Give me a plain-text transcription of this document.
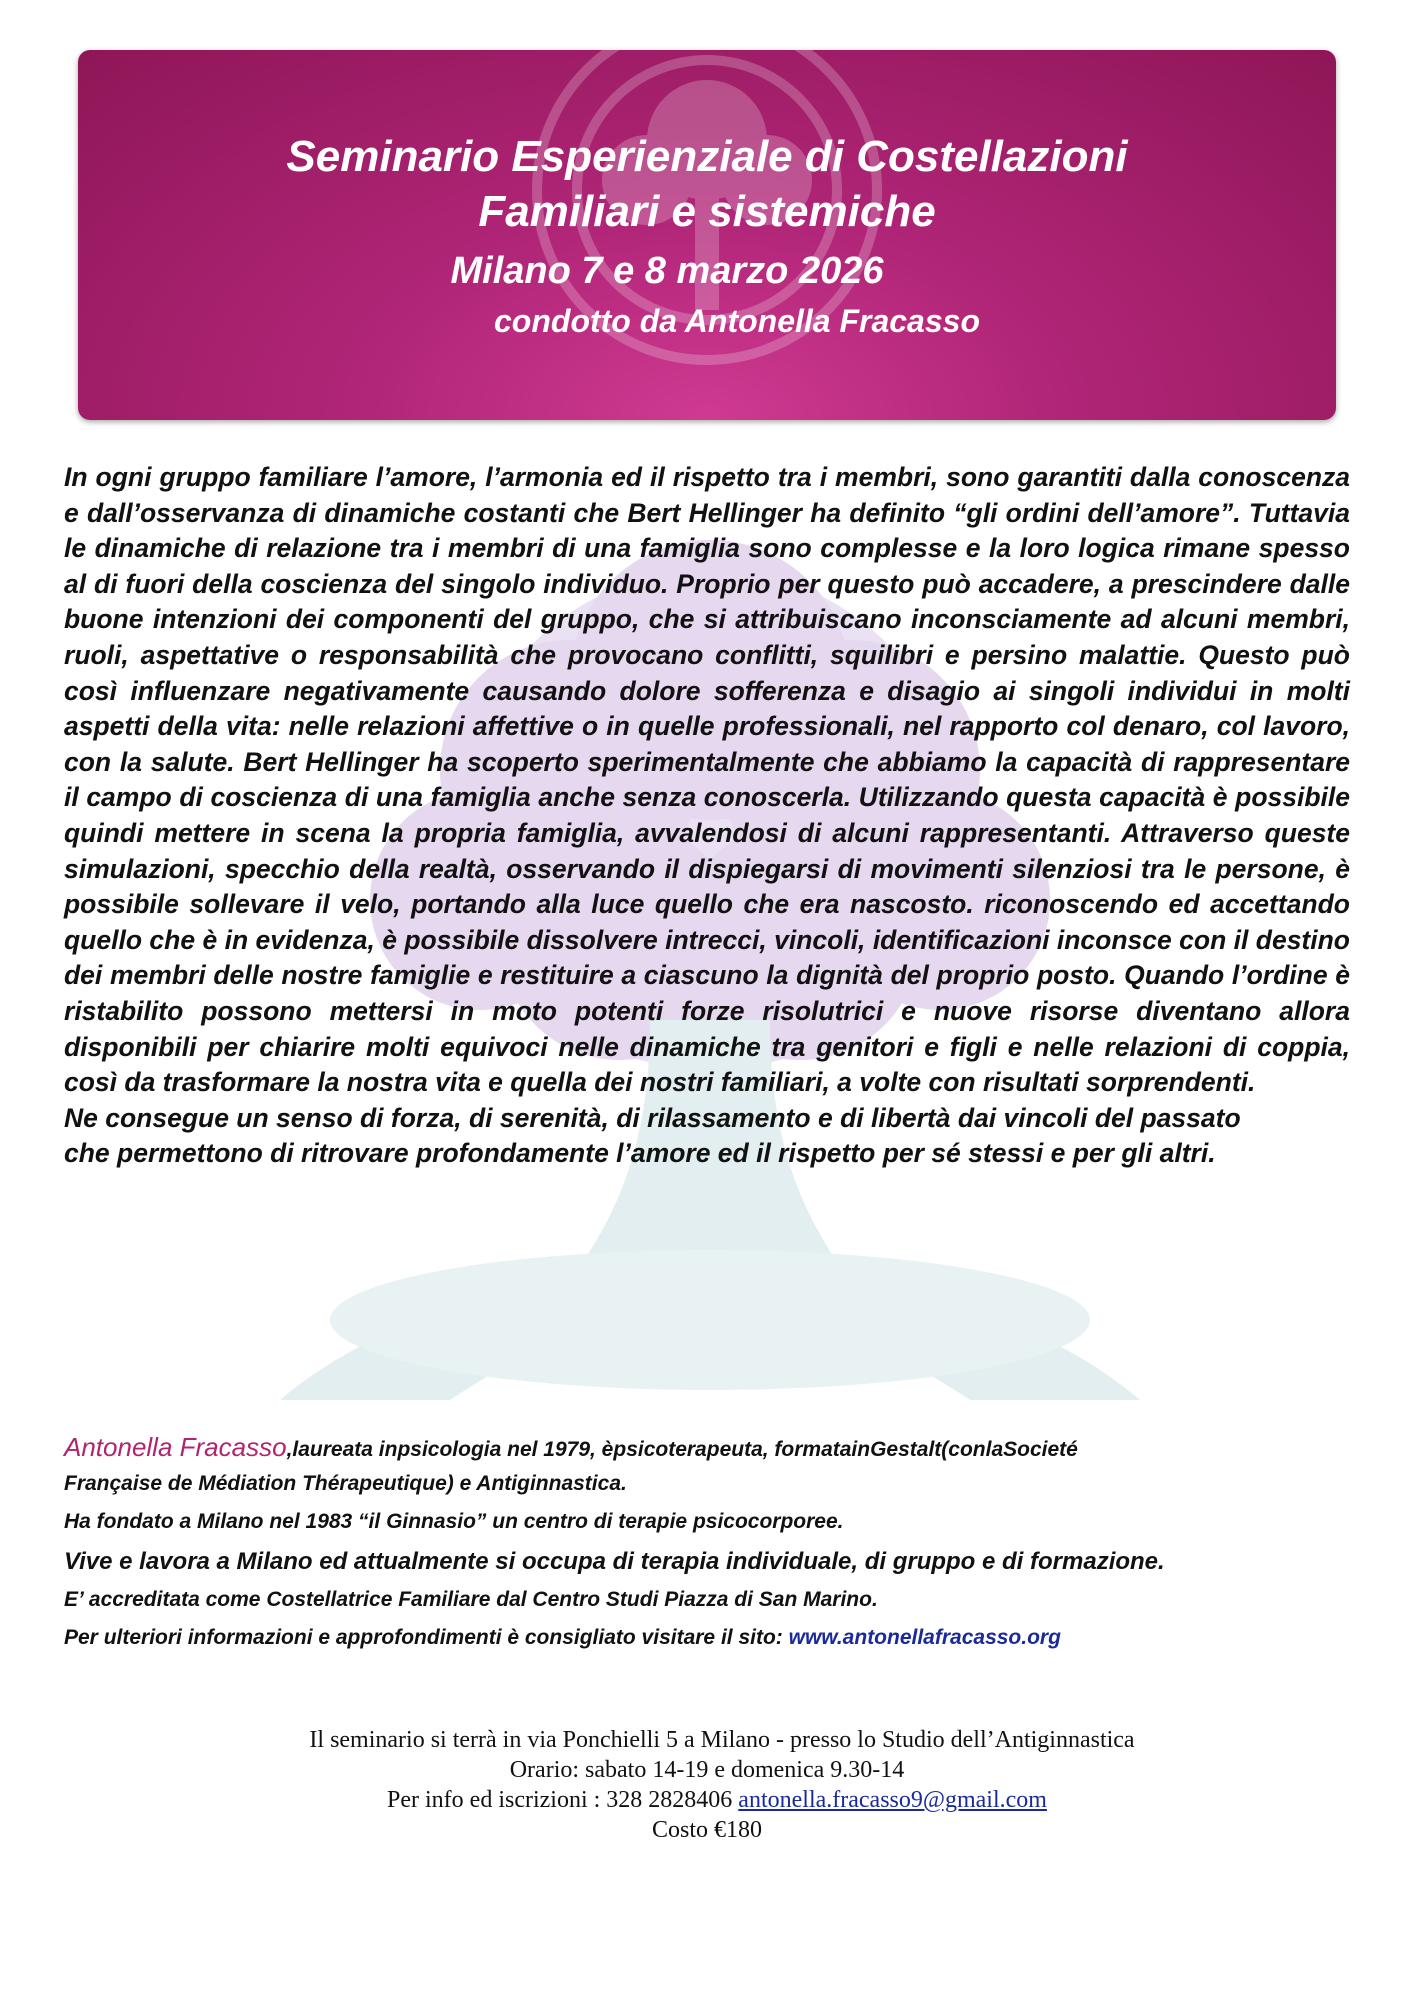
Seminario Esperienziale di Costellazioni
Familiari e sistemiche
Milano 7 e 8 marzo 2026
condotto da Antonella Fracasso

In ogni gruppo familiare l’amore, l’armonia ed il rispetto tra i membri, sono garantiti dalla conoscenza e dall’osservanza di dinamiche costanti che Bert Hellinger ha definito “gli ordini dell’amore”. Tuttavia le dinamiche di relazione tra i membri di una famiglia sono complesse e la loro logica rimane spesso al di fuori della coscienza del singolo individuo. Proprio per questo può accadere, a prescindere dalle buone intenzioni dei componenti del gruppo, che si attribuiscano inconsciamente ad alcuni membri, ruoli, aspettative o responsabilità che provocano conflitti, squilibri e persino malattie. Questo può così influenzare negativamente causando dolore sofferenza e disagio ai singoli individui in molti aspetti della vita: nelle relazioni affettive o in quelle professionali, nel rapporto col denaro, col lavoro, con la salute. Bert Hellinger ha scoperto sperimentalmente che abbiamo la capacità di rappresentare il campo di coscienza di una famiglia anche senza conoscerla. Utilizzando questa capacità è possibile quindi mettere in scena la propria famiglia, avvalendosi di alcuni rappresentanti. Attraverso queste simulazioni, specchio della realtà, osservando il dispiegarsi di movimenti silenziosi tra le persone, è possibile sollevare il velo, portando alla luce quello che era nascosto. riconoscendo ed accettando quello che è in evidenza, è possibile dissolvere intrecci, vincoli, identificazioni inconsce con il destino dei membri delle nostre famiglie e restituire a ciascuno la dignità del proprio posto. Quando l’ordine è ristabilito possono mettersi in moto potenti forze risolutrici e nuove risorse diventano allora disponibili per chiarire molti equivoci nelle dinamiche tra genitori e figli e nelle relazioni di coppia, così da trasformare la nostra vita e quella dei nostri familiari, a volte con risultati sorprendenti.

Ne consegue un senso di forza, di serenità, di rilassamento e di libertà dai vincoli del passato

che permettono di ritrovare profondamente l’amore ed il rispetto per sé stessi e per gli altri.

Antonella Fracasso,laureata inpsicologia nel 1979, èpsicoterapeuta, formatainGestalt(conlaSocieté
Française de Médiation Thérapeutique) e Antiginnastica.
Ha fondato a Milano nel 1983 “il Ginnasio” un centro di terapie psicocorporee.
Vive e lavora a Milano ed attualmente si occupa di terapia individuale, di gruppo e di formazione.
E’ accreditata come Costellatrice Familiare dal Centro Studi Piazza di San Marino.
Per ulteriori informazioni e approfondimenti è consigliato visitare il sito: www.antonellafracasso.org

Il seminario si terrà in via Ponchielli 5 a Milano - presso lo Studio dell’Antiginnastica

Orario: sabato 14-19 e domenica 9.30-14

Per info ed iscrizioni : 328 2828406 antonella.fracasso9@gmail.com

Costo €180
